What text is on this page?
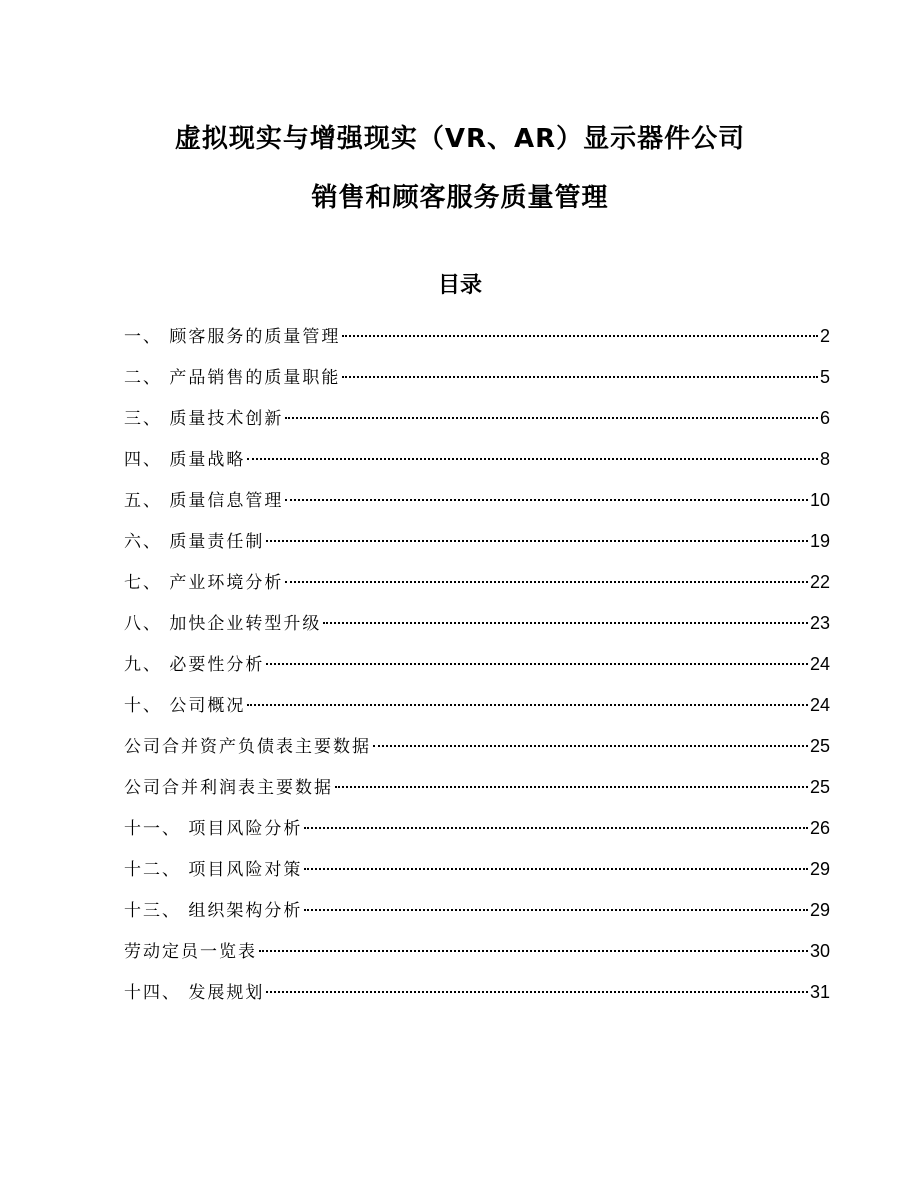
虚拟现实与增强现实（VR、AR）显示器件公司
销售和顾客服务质量管理
目录
一、 顾客服务的质量管理	2
二、 产品销售的质量职能	5
三、 质量技术创新	6
四、 质量战略	8
五、 质量信息管理	10
六、 质量责任制	19
七、 产业环境分析	22
八、 加快企业转型升级	23
九、 必要性分析	24
十、 公司概况	24
公司合并资产负债表主要数据	25
公司合并利润表主要数据	25
十一、 项目风险分析	26
十二、 项目风险对策	29
十三、 组织架构分析	29
劳动定员一览表	30
十四、 发展规划	31
